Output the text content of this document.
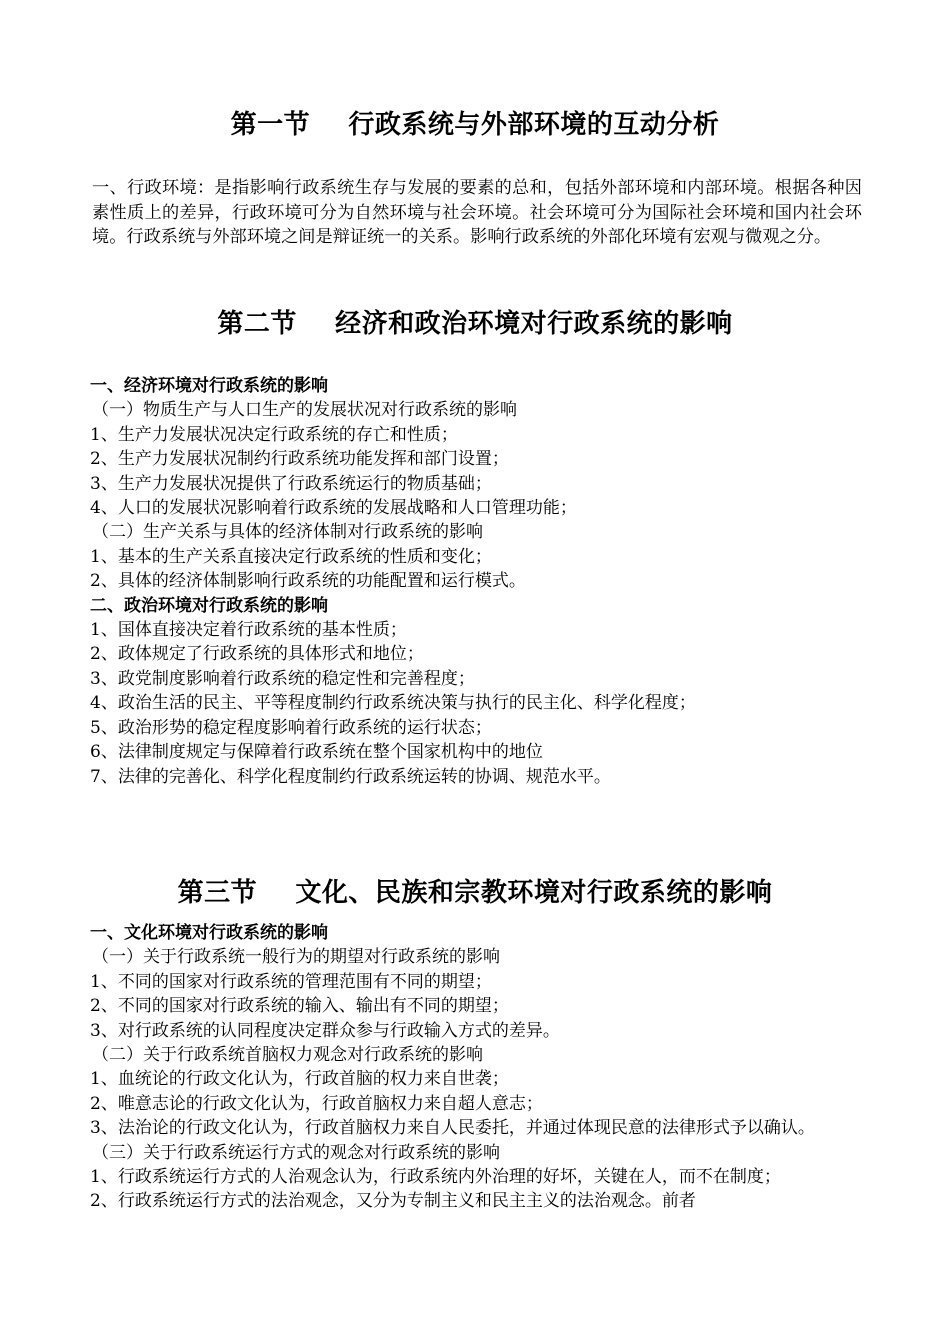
第一节    行政系统与外部环境的互动分析
一、行政环境：是指影响行政系统生存与发展的要素的总和，包括外部环境和内部环境。根据各种因素性质上的差异，行政环境可分为自然环境与社会环境。社会环境可分为国际社会环境和国内社会环境。行政系统与外部环境之间是辩证统一的关系。影响行政系统的外部化环境有宏观与微观之分。
第二节    经济和政治环境对行政系统的影响
一、经济环境对行政系统的影响
（一）物质生产与人口生产的发展状况对行政系统的影响
1、生产力发展状况决定行政系统的存亡和性质；
2、生产力发展状况制约行政系统功能发挥和部门设置；
3、生产力发展状况提供了行政系统运行的物质基础；
4、人口的发展状况影响着行政系统的发展战略和人口管理功能；
（二）生产关系与具体的经济体制对行政系统的影响
1、基本的生产关系直接决定行政系统的性质和变化；
2、具体的经济体制影响行政系统的功能配置和运行模式。
二、政治环境对行政系统的影响
1、国体直接决定着行政系统的基本性质；
2、政体规定了行政系统的具体形式和地位；
3、政党制度影响着行政系统的稳定性和完善程度；
4、政治生活的民主、平等程度制约行政系统决策与执行的民主化、科学化程度；
5、政治形势的稳定程度影响着行政系统的运行状态；
6、法律制度规定与保障着行政系统在整个国家机构中的地位
7、法律的完善化、科学化程度制约行政系统运转的协调、规范水平。
第三节    文化、民族和宗教环境对行政系统的影响
一、文化环境对行政系统的影响
（一）关于行政系统一般行为的期望对行政系统的影响
1、不同的国家对行政系统的管理范围有不同的期望；
2、不同的国家对行政系统的输入、输出有不同的期望；
3、对行政系统的认同程度决定群众参与行政输入方式的差异。
（二）关于行政系统首脑权力观念对行政系统的影响
1、血统论的行政文化认为，行政首脑的权力来自世袭；
2、唯意志论的行政文化认为，行政首脑权力来自超人意志；
3、法治论的行政文化认为，行政首脑权力来自人民委托，并通过体现民意的法律形式予以确认。
（三）关于行政系统运行方式的观念对行政系统的影响
1、行政系统运行方式的人治观念认为，行政系统内外治理的好坏，关键在人，而不在制度；
2、行政系统运行方式的法治观念，又分为专制主义和民主主义的法治观念。前者
